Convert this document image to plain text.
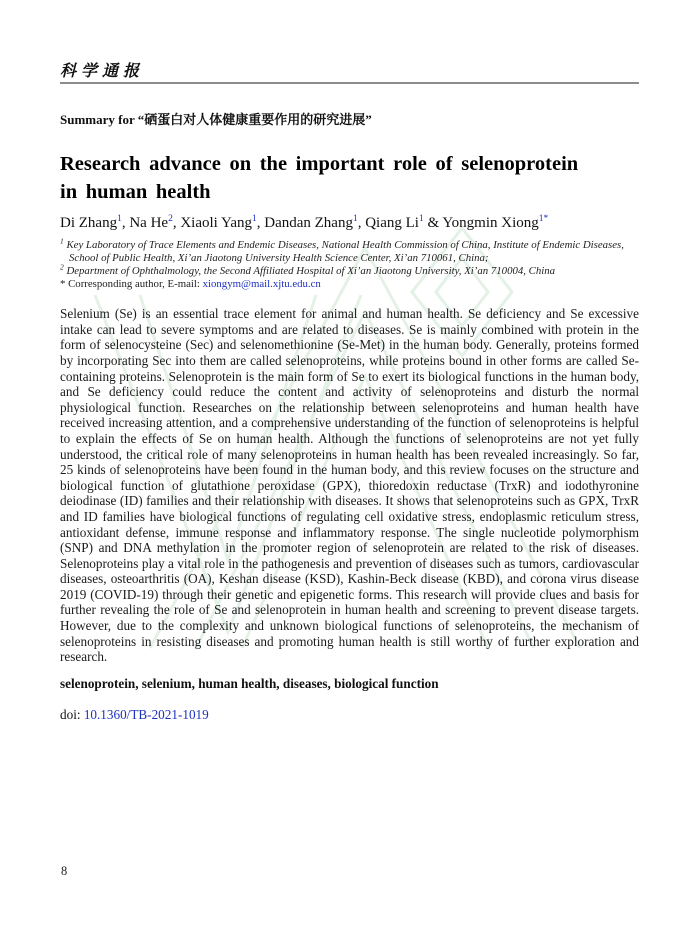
科学通报
Summary for “硒蛋白对人体健康重要作用的研究进展”
Research advance on the important role of selenoprotein
in human health
Di Zhang$^1$, Na He$^2$, Xiaoli Yang$^1$, Dandan Zhang$^1$, Qiang Li$^1$ & Yongmin Xiong$^{1*}$
$^1$ Key Laboratory of Trace Elements and Endemic Diseases, National Health Commission of China, Institute of Endemic Diseases, School of Public Health, Xi’an Jiaotong University Health Science Center, Xi’an 710061, China;
$^2$ Department of Ophthalmology, the Second Affiliated Hospital of Xi’an Jiaotong University, Xi’an 710004, China
* Corresponding author, E-mail: xiongym@mail.xjtu.edu.cn

Selenium (Se) is an essential trace element for animal and human health. Se deficiency and Se excessive intake can lead to severe symptoms and are related to diseases. Se is mainly combined with protein in the form of selenocysteine (Sec) and selenomethionine (Se-Met) in the human body. Generally, proteins formed by incorporating Sec into them are called selenoproteins, while proteins bound in other forms are called Se-containing proteins. Selenoprotein is the main form of Se to exert its biological functions in the human body, and Se deficiency could reduce the content and activity of selenoproteins and disturb the normal physiological function. Researches on the relationship between selenoproteins and human health have received increasing attention, and a comprehensive understanding of the function of selenoproteins is helpful to explain the effects of Se on human health. Although the functions of selenoproteins are not yet fully understood, the critical role of many selenoproteins in human health has been revealed increasingly. So far, 25 kinds of selenoproteins have been found in the human body, and this review focuses on the structure and biological function of glutathione peroxidase (GPX), thioredoxin reductase (TrxR) and iodothyronine deiodinase (ID) families and their relationship with diseases. It shows that selenoproteins such as GPX, TrxR and ID families have biological functions of regulating cell oxidative stress, endoplasmic reticulum stress, antioxidant defense, immune response and inflammatory response. The single nucleotide polymorphism (SNP) and DNA methylation in the promoter region of selenoprotein are related to the risk of diseases. Selenoproteins play a vital role in the pathogenesis and prevention of diseases such as tumors, cardiovascular diseases, osteoarthritis (OA), Keshan disease (KSD), Kashin-Beck disease (KBD), and corona virus disease 2019 (COVID-19) through their genetic and epigenetic forms. This research will provide clues and basis for further revealing the role of Se and selenoprotein in human health and screening to prevent disease targets. However, due to the complexity and unknown biological functions of selenoproteins, the mechanism of selenoproteins in resisting diseases and promoting human health is still worthy of further exploration and research.

selenoprotein, selenium, human health, diseases, biological function
doi: 10.1360/TB-2021-1019
8
